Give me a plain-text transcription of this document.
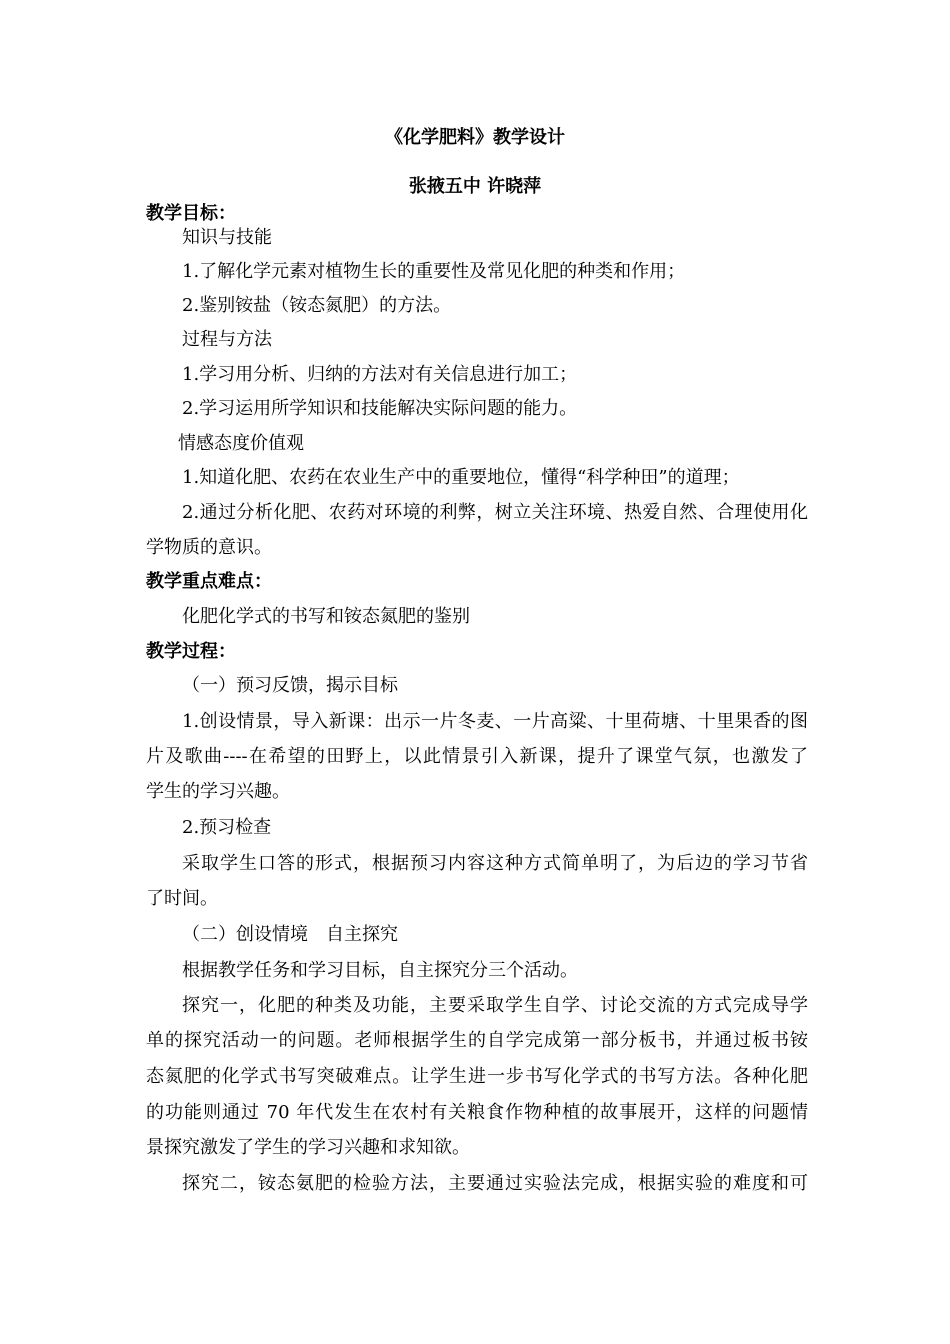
《化学肥料》教学设计
张掖五中 许晓萍
教学目标：
知识与技能
1.了解化学元素对植物生长的重要性及常见化肥的种类和作用；
2.鉴别铵盐（铵态氮肥）的方法。
过程与方法
1.学习用分析、归纳的方法对有关信息进行加工；
2.学习运用所学知识和技能解决实际问题的能力。
情感态度价值观
1.知道化肥、农药在农业生产中的重要地位，懂得“科学种田”的道理；
2.通过分析化肥、农药对环境的利弊，树立关注环境、热爱自然、合理使用化
学物质的意识。
教学重点难点：
化肥化学式的书写和铵态氮肥的鉴别
教学过程：
（一）预习反馈，揭示目标
1.创设情景，导入新课：出示一片冬麦、一片高粱、十里荷塘、十里果香的图
片及歌曲----在希望的田野上，以此情景引入新课，提升了课堂气氛，也激发了
学生的学习兴趣。
2.预习检查
采取学生口答的形式，根据预习内容这种方式简单明了，为后边的学习节省
了时间。
（二）创设情境　自主探究
根据教学任务和学习目标，自主探究分三个活动。
探究一，化肥的种类及功能，主要采取学生自学、讨论交流的方式完成导学
单的探究活动一的问题。老师根据学生的自学完成第一部分板书，并通过板书铵
态氮肥的化学式书写突破难点。让学生进一步书写化学式的书写方法。各种化肥
的功能则通过 70 年代发生在农村有关粮食作物种植的故事展开，这样的问题情
景探究激发了学生的学习兴趣和求知欲。
探究二，铵态氨肥的检验方法，主要通过实验法完成，根据实验的难度和可
